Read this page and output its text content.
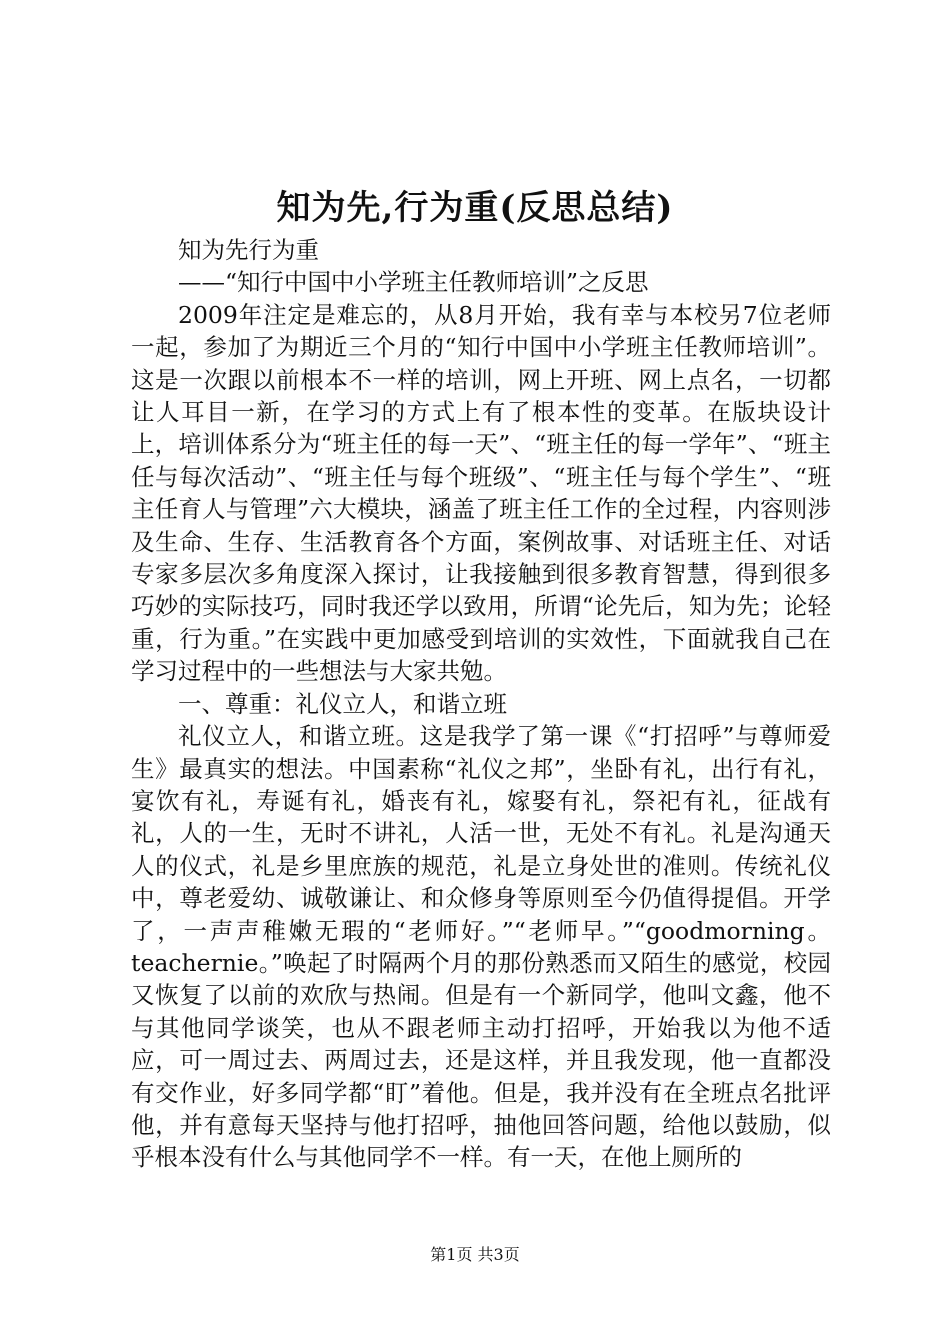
知为先,行为重(反思总结)

知为先行为重

——“知行中国中小学班主任教师培训”之反思

2009年注定是难忘的，从8月开始，我有幸与本校另7位老师一起，参加了为期近三个月的“知行中国中小学班主任教师培训”。这是一次跟以前根本不一样的培训，网上开班、网上点名，一切都让人耳目一新，在学习的方式上有了根本性的变革。在版块设计上，培训体系分为“班主任的每一天”、“班主任的每一学年”、“班主任与每次活动”、“班主任与每个班级”、“班主任与每个学生”、“班主任育人与管理”六大模块，涵盖了班主任工作的全过程，内容则涉及生命、生存、生活教育各个方面，案例故事、对话班主任、对话专家多层次多角度深入探讨，让我接触到很多教育智慧，得到很多巧妙的实际技巧，同时我还学以致用，所谓“论先后，知为先；论轻重，行为重。”在实践中更加感受到培训的实效性，下面就我自己在学习过程中的一些想法与大家共勉。

一、尊重：礼仪立人，和谐立班

礼仪立人，和谐立班。这是我学了第一课《“打招呼”与尊师爱生》最真实的想法。中国素称“礼仪之邦”，坐卧有礼，出行有礼，宴饮有礼，寿诞有礼，婚丧有礼，嫁娶有礼，祭祀有礼，征战有礼，人的一生，无时不讲礼，人活一世，无处不有礼。礼是沟通天人的仪式，礼是乡里庶族的规范，礼是立身处世的准则。传统礼仪中，尊老爱幼、诚敬谦让、和众修身等原则至今仍值得提倡。开学了，一声声稚嫩无瑕的“老师好。”“老师早。”“goodmorning。teachernie。”唤起了时隔两个月的那份熟悉而又陌生的感觉，校园又恢复了以前的欢欣与热闹。但是有一个新同学，他叫文鑫，他不与其他同学谈笑，也从不跟老师主动打招呼，开始我以为他不适应，可一周过去、两周过去，还是这样，并且我发现，他一直都没有交作业，好多同学都“盯”着他。但是，我并没有在全班点名批评他，并有意每天坚持与他打招呼，抽他回答问题，给他以鼓励，似乎根本没有什么与其他同学不一样。有一天，在他上厕所的

第1页 共3页
